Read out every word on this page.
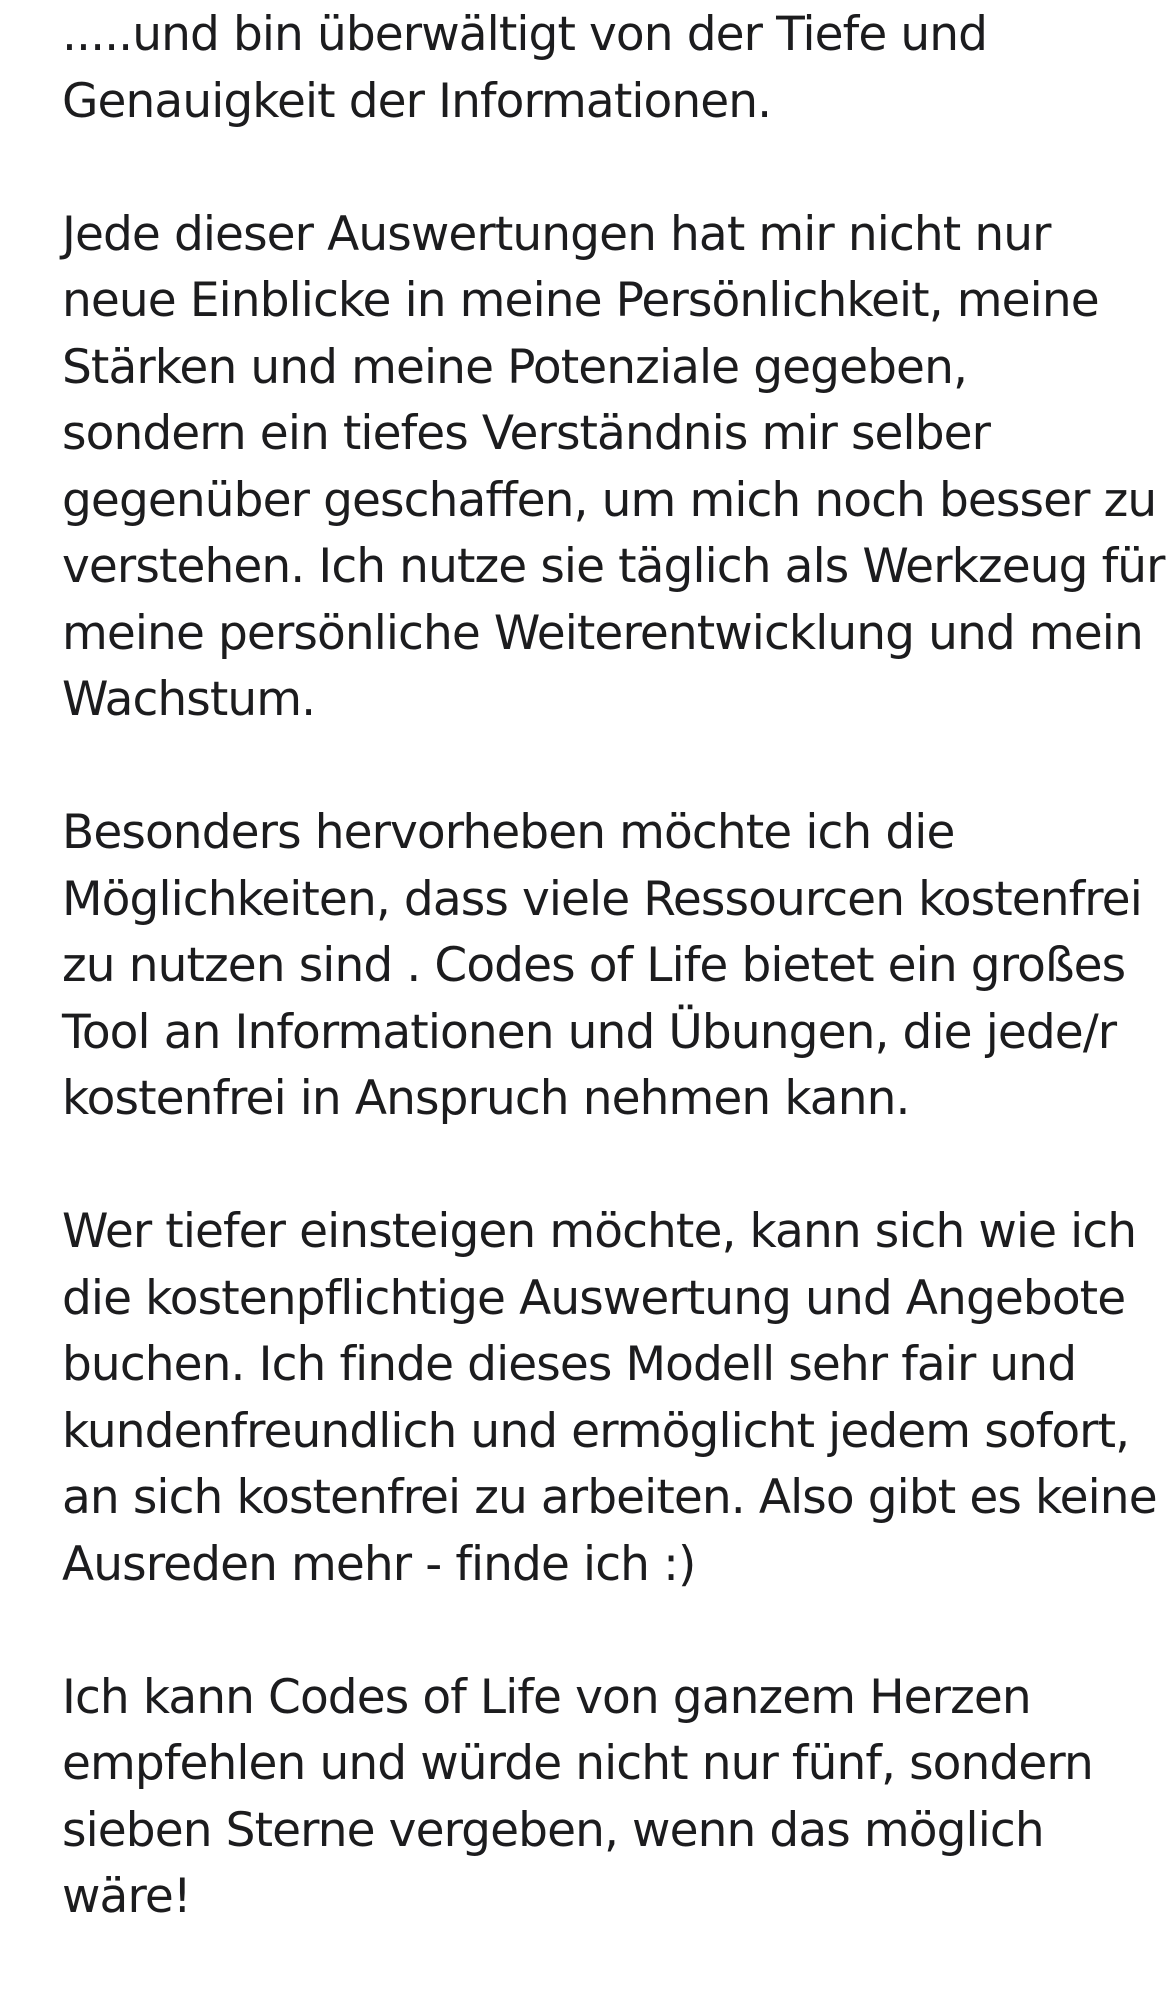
.....und bin überwältigt von der Tiefe und
Genauigkeit der Informationen.

Jede dieser Auswertungen hat mir nicht nur
neue Einblicke in meine Persönlichkeit, meine
Stärken und meine Potenziale gegeben,
sondern ein tiefes Verständnis mir selber
gegenüber geschaffen, um mich noch besser zu
verstehen. Ich nutze sie täglich als Werkzeug für
meine persönliche Weiterentwicklung und mein
Wachstum.

Besonders hervorheben möchte ich die
Möglichkeiten, dass viele Ressourcen kostenfrei
zu nutzen sind . Codes of Life bietet ein großes
Tool an Informationen und Übungen, die jede/r
kostenfrei in Anspruch nehmen kann.

Wer tiefer einsteigen möchte, kann sich wie ich
die kostenpflichtige Auswertung und Angebote
buchen. Ich finde dieses Modell sehr fair und
kundenfreundlich und ermöglicht jedem sofort,
an sich kostenfrei zu arbeiten. Also gibt es keine
Ausreden mehr - finde ich :)

Ich kann Codes of Life von ganzem Herzen
empfehlen und würde nicht nur fünf, sondern
sieben Sterne vergeben, wenn das möglich
wäre!
